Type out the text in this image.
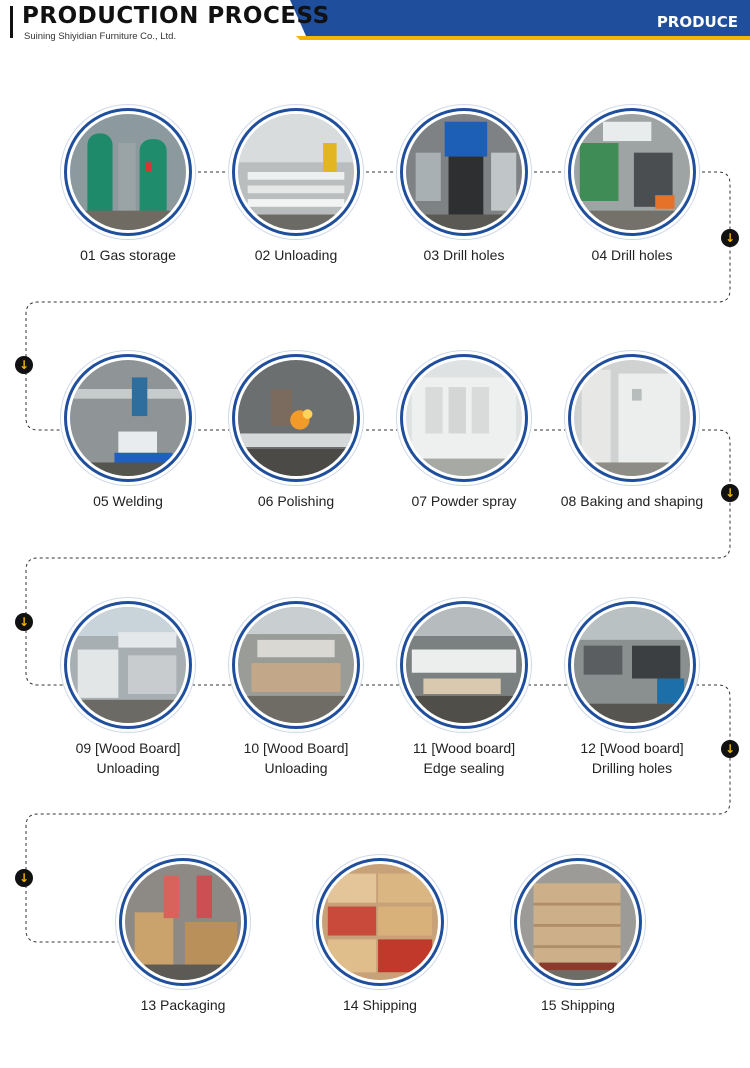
PRODUCTION PROCESS
Suining Shiyidian Furniture Co., Ltd.
PRODUCE
01 Gas storage	02 Unloading	03 Drill holes	04 Drill holes
05 Welding	06 Polishing	07 Powder spray	08 Baking and shaping
09 [Wood Board]
Unloading
10 [Wood Board]
Unloading
11 [Wood board]
Edge sealing
12 [Wood board]
Drilling holes
13 Packaging	14 Shipping	15 Shipping
↓
↓
↓
↓
↓
↓
